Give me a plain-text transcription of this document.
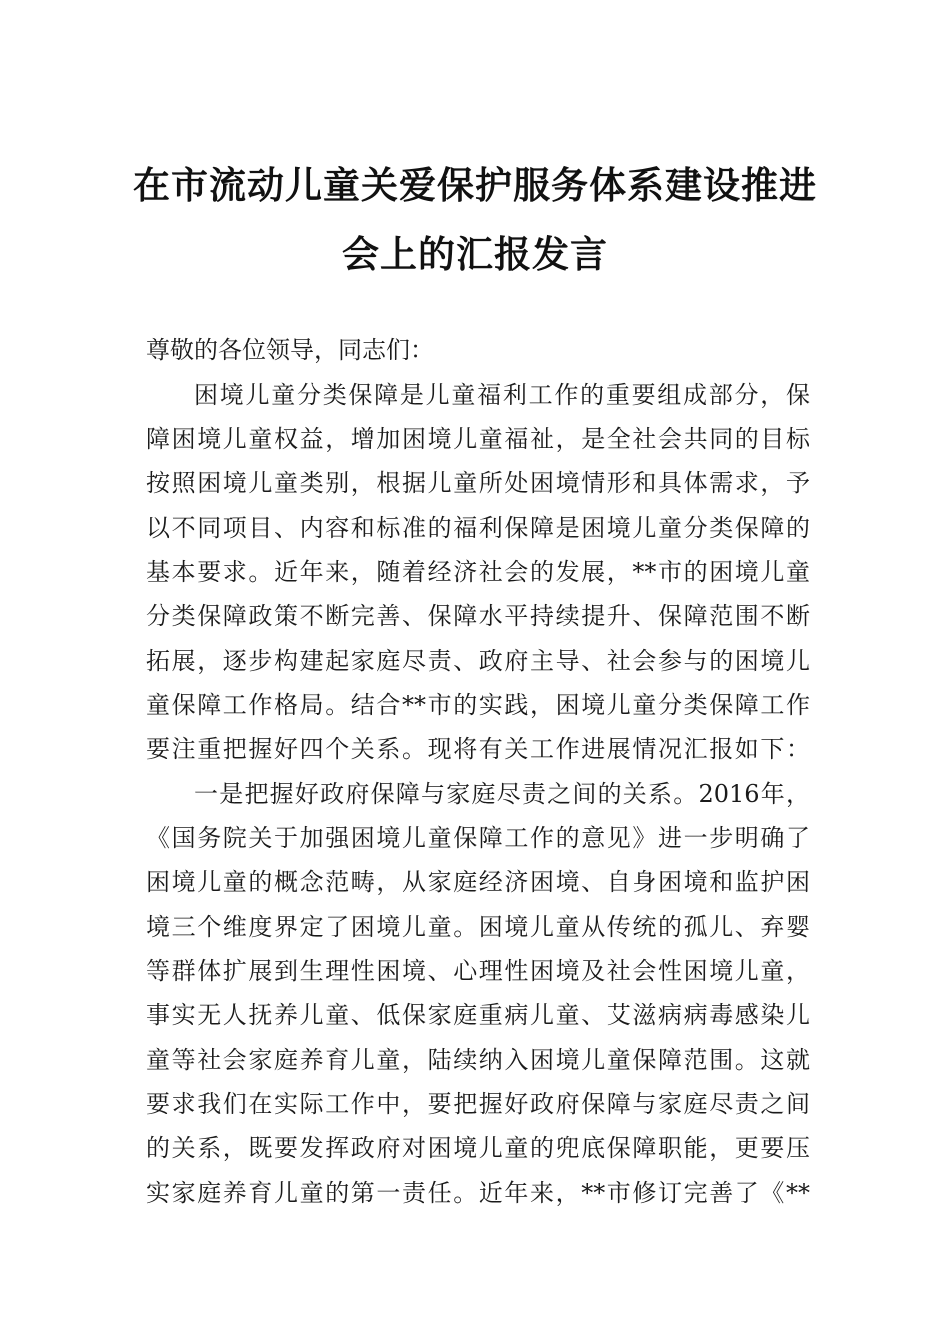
在市流动儿童关爱保护服务体系建设推进
会上的汇报发言
尊敬的各位领导，同志们：
困境儿童分类保障是儿童福利工作的重要组成部分，保
障困境儿童权益，增加困境儿童福祉，是全社会共同的目标
按照困境儿童类别，根据儿童所处困境情形和具体需求，予
以不同项目、内容和标准的福利保障是困境儿童分类保障的
基本要求。近年来，随着经济社会的发展，**市的困境儿童
分类保障政策不断完善、保障水平持续提升、保障范围不断
拓展，逐步构建起家庭尽责、政府主导、社会参与的困境儿
童保障工作格局。结合**市的实践，困境儿童分类保障工作
要注重把握好四个关系。现将有关工作进展情况汇报如下：
一是把握好政府保障与家庭尽责之间的关系。2016年，
《国务院关于加强困境儿童保障工作的意见》进一步明确了
困境儿童的概念范畴，从家庭经济困境、自身困境和监护困
境三个维度界定了困境儿童。困境儿童从传统的孤儿、弃婴
等群体扩展到生理性困境、心理性困境及社会性困境儿童，
事实无人抚养儿童、低保家庭重病儿童、艾滋病病毒感染儿
童等社会家庭养育儿童，陆续纳入困境儿童保障范围。这就
要求我们在实际工作中，要把握好政府保障与家庭尽责之间
的关系，既要发挥政府对困境儿童的兜底保障职能，更要压
实家庭养育儿童的第一责任。近年来，**市修订完善了《**
